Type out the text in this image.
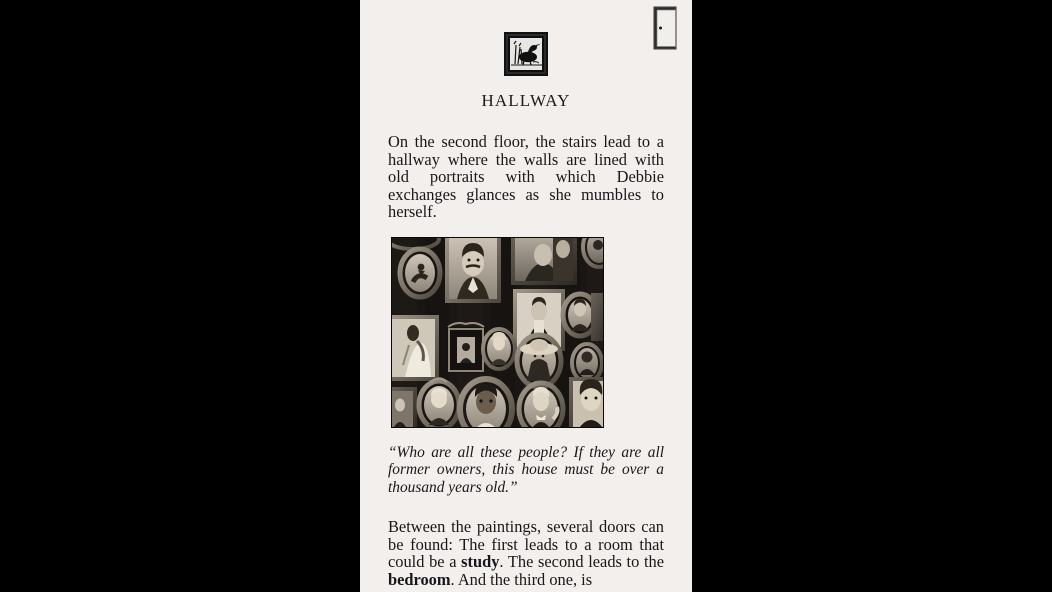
HALLWAY

On the second floor, the stairs lead to a hallway where the walls are lined with old portraits with which Debbie exchanges glances as she mumbles to herself.

“Who are all these people? If they are all former owners, this house must be over a thousand years old.”

Between the paintings, several doors can be found: The first leads to a room that could be a study. The second leads to the bedroom. And the third one, is
